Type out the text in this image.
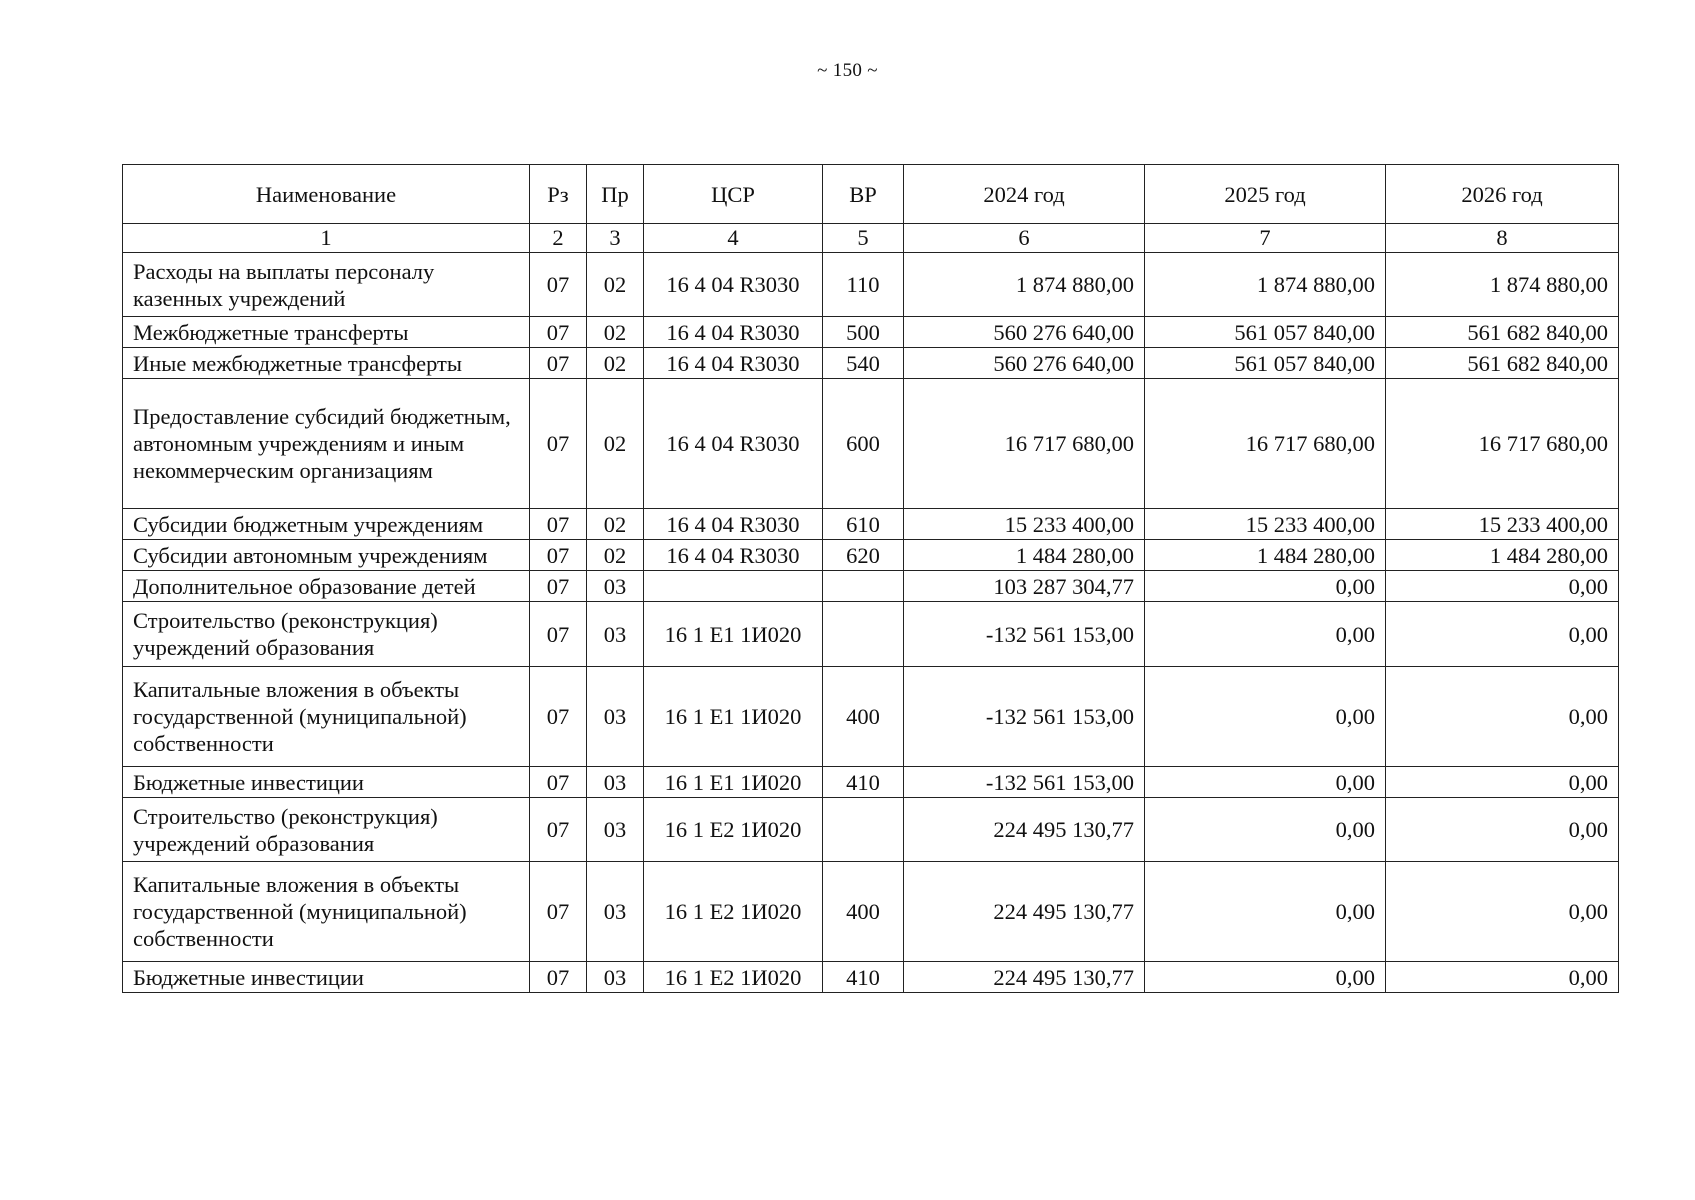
~ 150 ~
Наименование	Рз	Пр	ЦСР	ВР	2024 год	2025 год	2026 год
1	2	3	4	5	6	7	8
Расходы на выплаты персоналу казенных учреждений	07	02	16 4 04 R3030	110	1 874 880,00	1 874 880,00	1 874 880,00
Межбюджетные трансферты	07	02	16 4 04 R3030	500	560 276 640,00	561 057 840,00	561 682 840,00
Иные межбюджетные трансферты	07	02	16 4 04 R3030	540	560 276 640,00	561 057 840,00	561 682 840,00
Предоставление субсидий бюджетным, автономным учреждениям и иным некоммерческим организациям	07	02	16 4 04 R3030	600	16 717 680,00	16 717 680,00	16 717 680,00
Субсидии бюджетным учреждениям	07	02	16 4 04 R3030	610	15 233 400,00	15 233 400,00	15 233 400,00
Субсидии автономным учреждениям	07	02	16 4 04 R3030	620	1 484 280,00	1 484 280,00	1 484 280,00
Дополнительное образование детей	07	03			103 287 304,77	0,00	0,00
Строительство (реконструкция) учреждений образования	07	03	16 1 E1 1И020		-132 561 153,00	0,00	0,00
Капитальные вложения в объекты государственной (муниципальной) собственности	07	03	16 1 E1 1И020	400	-132 561 153,00	0,00	0,00
Бюджетные инвестиции	07	03	16 1 E1 1И020	410	-132 561 153,00	0,00	0,00
Строительство (реконструкция) учреждений образования	07	03	16 1 E2 1И020		224 495 130,77	0,00	0,00
Капитальные вложения в объекты государственной (муниципальной) собственности	07	03	16 1 E2 1И020	400	224 495 130,77	0,00	0,00
Бюджетные инвестиции	07	03	16 1 E2 1И020	410	224 495 130,77	0,00	0,00
